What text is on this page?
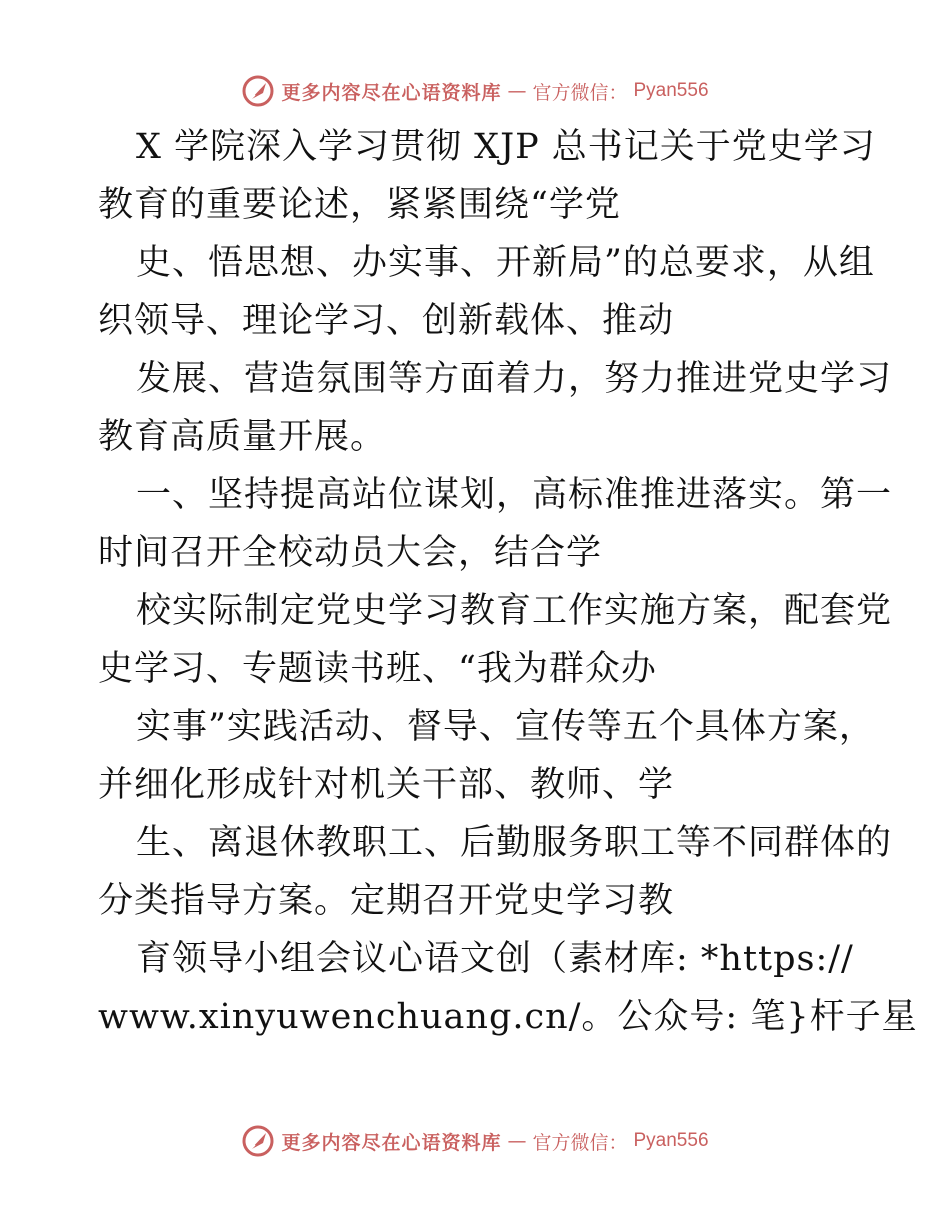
更多内容尽在心语资料库 — 官方微信： Pyan556
X 学院深入学习贯彻 XJP 总书记关于党史学习
教育的重要论述，紧紧围绕“学党
史、悟思想、办实事、开新局”的总要求，从组
织领导、理论学习、创新载体、推动
发展、营造氛围等方面着力，努力推进党史学习
教育高质量开展。
一、坚持提高站位谋划，高标准推进落实。第一
时间召开全校动员大会，结合学
校实际制定党史学习教育工作实施方案，配套党
史学习、专题读书班、“我为群众办
实事”实践活动、督导、宣传等五个具体方案，
并细化形成针对机关干部、教师、学
生、离退休教职工、后勤服务职工等不同群体的
分类指导方案。定期召开党史学习教
育领导小组会议心语文创（素材库: *https://
www.xinyuwenchuang.cn/。公众号: 笔}杆子星
更多内容尽在心语资料库 — 官方微信： Pyan556
